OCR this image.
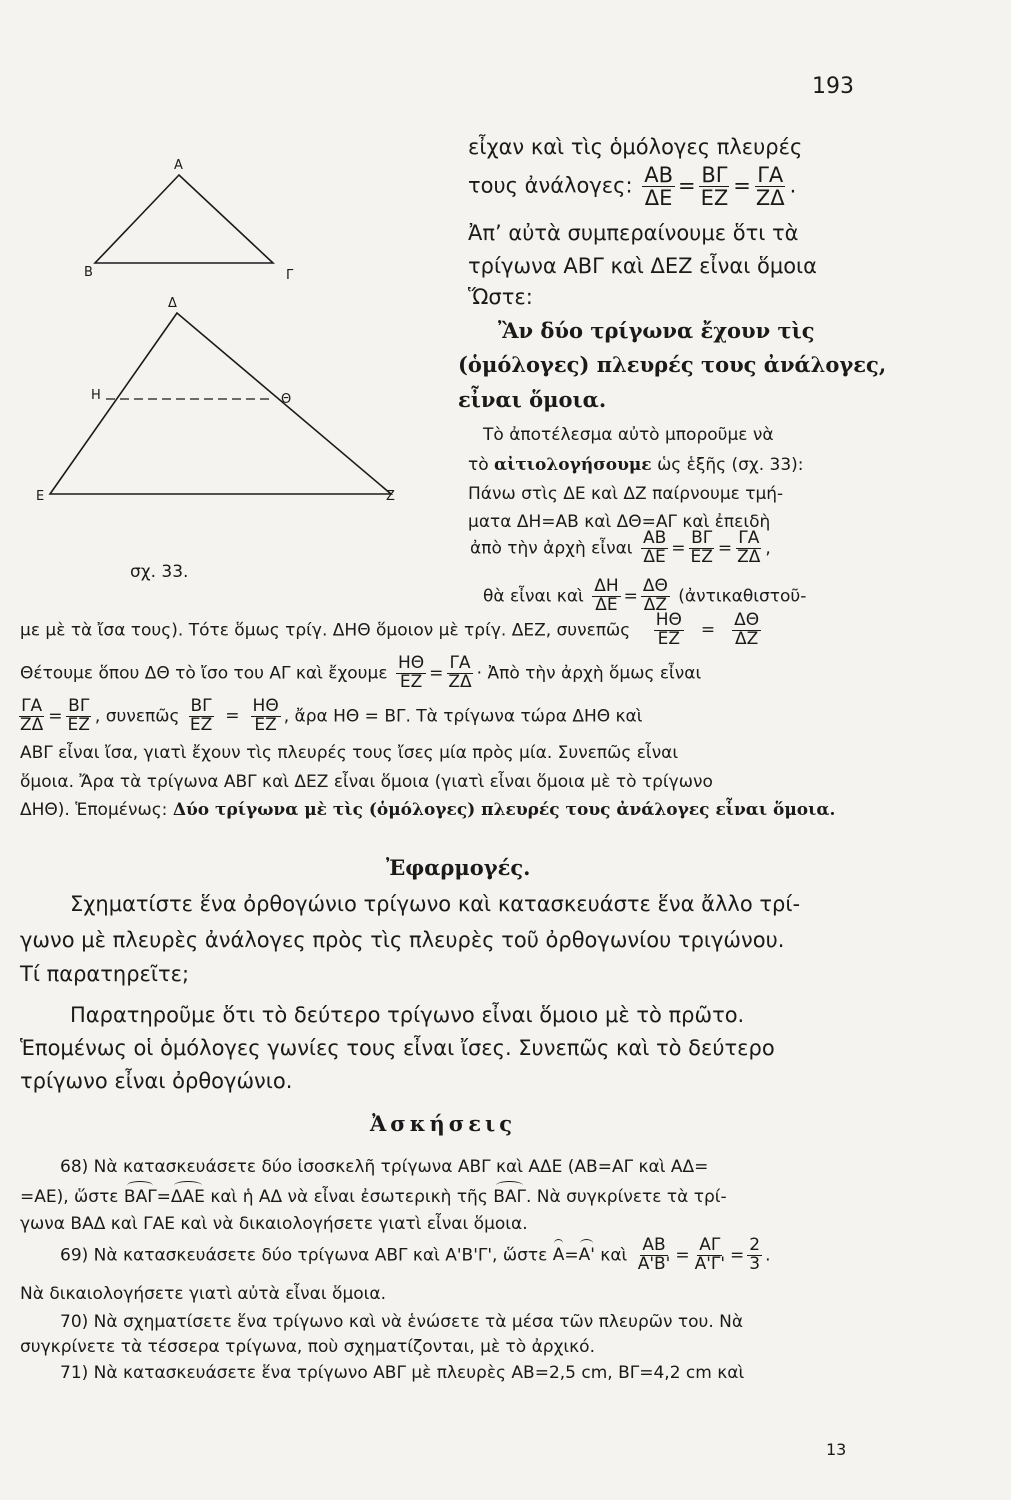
193
13
Α
Β	Γ
Δ
Η	Θ
Ε	Ζ
σχ. 33.
εἶχαν καὶ τὶς ὁμόλογες πλευρές
τους ἀνάλογες: $\frac{AB}{\Delta E} = \frac{B\Gamma}{EZ} = \frac{\Gamma A}{Z\Delta}$ .
Ἀπ’ αὐτὰ συμπεραίνουμε ὅτι τὰ
τρίγωνα ΑΒΓ καὶ ΔΕΖ εἶναι ὅμοια
Ὥστε:
Ἂν δύο τρίγωνα ἔχουν τὶς
(ὁμόλογες) πλευρές τους ἀνάλογες,
εἶναι ὅμοια.
Τὸ ἀποτέλεσμα αὐτὸ μποροῦμε νὰ
τὸ αἰτιολογήσουμε ὡς ἑξῆς (σχ. 33):
Πάνω στὶς ΔΕ καὶ ΔΖ παίρνουμε τμή-
ματα ΔΗ=ΑΒ καὶ ΔΘ=ΑΓ καὶ ἐπειδὴ
ἀπὸ τὴν ἀρχὴ εἶναι $\frac{AB}{\Delta E} = \frac{B\Gamma}{EZ} = \frac{\Gamma A}{Z\Delta}$ ,
θὰ εἶναι καὶ $\frac{\Delta H}{\Delta E} = \frac{\Delta\Theta}{\Delta Z}$ (ἀντικαθιστοῦ-
με μὲ τὰ ἴσα τους). Τότε ὅμως τρίγ. ΔΗΘ ὅμοιον μὲ τρίγ. ΔΕΖ, συνεπῶς $\frac{H\Theta}{EZ} = \frac{\Delta\Theta}{\Delta Z}$
Θέτουμε ὅπου ΔΘ τὸ ἴσο του ΑΓ καὶ ἔχουμε $\frac{H\Theta}{EZ} = \frac{\Gamma A}{Z\Delta}$ · Ἀπὸ τὴν ἀρχὴ ὅμως εἶναι
$\frac{\Gamma A}{Z\Delta} = \frac{B\Gamma}{EZ}$ , συνεπῶς $\frac{B\Gamma}{EZ} = \frac{H\Theta}{EZ}$ , ἄρα ΗΘ = ΒΓ. Τὰ τρίγωνα τώρα ΔΗΘ καὶ
ΑΒΓ εἶναι ἴσα, γιατὶ ἔχουν τὶς πλευρές τους ἴσες μία πρὸς μία. Συνεπῶς εἶναι
ὅμοια. Ἄρα τὰ τρίγωνα ΑΒΓ καὶ ΔΕΖ εἶναι ὅμοια (γιατὶ εἶναι ὅμοια μὲ τὸ τρίγωνο
ΔΗΘ). Ἑπομένως: Δύο τρίγωνα μὲ τὶς (ὁμόλογες) πλευρές τους ἀνάλογες εἶναι ὅμοια.
Ἐφαρμογές.
Σχηματίστε ἕνα ὀρθογώνιο τρίγωνο καὶ κατασκευάστε ἕνα ἄλλο τρί-
γωνο μὲ πλευρὲς ἀνάλογες πρὸς τὶς πλευρὲς τοῦ ὀρθογωνίου τριγώνου.
Τί παρατηρεῖτε;
Παρατηροῦμε ὅτι τὸ δεύτερο τρίγωνο εἶναι ὅμοιο μὲ τὸ πρῶτο.
Ἑπομένως οἱ ὁμόλογες γωνίες τους εἶναι ἴσες. Συνεπῶς καὶ τὸ δεύτερο
τρίγωνο εἶναι ὀρθογώνιο.
Ἀσκήσεις
68) Νὰ κατασκευάσετε δύο ἰσοσκελῆ τρίγωνα ΑΒΓ καὶ ΑΔΕ (ΑΒ=ΑΓ καὶ ΑΔ=
=ΑΕ), ὥστε ΒΑΓ=ΔΑΕ καὶ ἡ ΑΔ νὰ εἶναι ἐσωτερικὴ τῆς ΒΑΓ. Νὰ συγκρίνετε τὰ τρί-
γωνα ΒΑΔ καὶ ΓΑΕ καὶ νὰ δικαιολογήσετε γιατὶ εἶναι ὅμοια.
69) Νὰ κατασκευάσετε δύο τρίγωνα ΑΒΓ καὶ Α'Β'Γ', ὥστε Α=Α' καὶ $\frac{AB}{A'B'} = \frac{A\Gamma}{A'\Gamma'} = \frac{2}{3}$ .
Νὰ δικαιολογήσετε γιατὶ αὐτὰ εἶναι ὅμοια.
70) Νὰ σχηματίσετε ἕνα τρίγωνο καὶ νὰ ἑνώσετε τὰ μέσα τῶν πλευρῶν του. Νὰ
συγκρίνετε τὰ τέσσερα τρίγωνα, ποὺ σχηματίζονται, μὲ τὸ ἀρχικό.
71) Νὰ κατασκευάσετε ἕνα τρίγωνο ΑΒΓ μὲ πλευρὲς ΑΒ=2,5 cm, ΒΓ=4,2 cm καὶ
